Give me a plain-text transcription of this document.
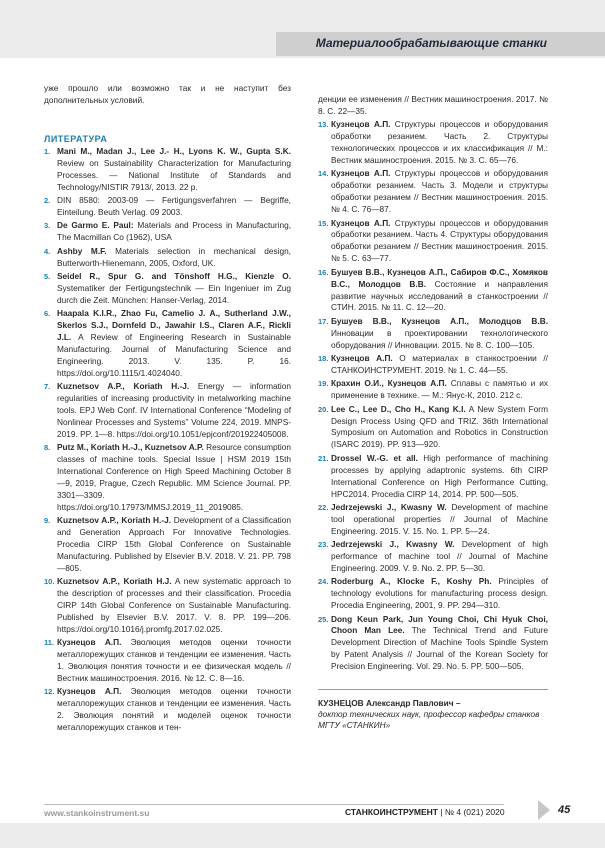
Материалообрабатывающие станки
уже прошло или возможно так и не наступит без дополнительных условий.
ЛИТЕРАТУРА
1. Mani M., Madan J., Lee J.- H., Lyons K. W., Gupta S.K. Review on Sustainability Characterization for Manufacturing Processes. — National Institute of Standards and Technology/NISTIR 7913/, 2013. 22 p.
2. DIN 8580: 2003-09 — Fertigungsverfahren — Begriffe, Einteilung. Beuth Verlag. 09 2003.
3. De Garmo E. Paul: Materials and Process in Manufacturing, The Macmillan Co (1962), USA
4. Ashby M.F. Materials selection in mechanical design, Butterworth-Hienemann, 2005, Oxford, UK.
5. Seidel R., Spur G. and Tönshoff H.G., Kienzle O. Systematiker der Fertigungstechnik — Ein Ingeniuer im Zug durch die Zeit. München: Hanser-Verlag, 2014.
6. Haapala K.I.R., Zhao Fu, Camelio J. A., Sutherland J.W., Skerlos S.J., Dornfeld D., Jawahir I.S., Claren A.F., Rickli J.L. A Review of Engineering Research in Sustainable Manufacturing. Journal of Manufacturing Science and Engineering. 2013. V. 135. P. 16. https://doi.org/10.1115/1.4024040.
7. Kuznetsov A.P., Koriath H.-J. Energy — information regularities of increasing productivity in metalworking machine tools. EPJ Web Conf. IV International Conference “Modeling of Nonlinear Processes and Systems” Volume 224, 2019. MNPS-2019. PP. 1—8. https://doi.org/10.1051/epjconf/201922405008.
8. Putz M., Koriath H.-J., Kuznetsov A.P. Resource consumption classes of machine tools. Special Issue | HSM 2019 15th International Conference on High Speed Machining October 8—9, 2019, Prague, Czech Republic. MM Science Journal. PP. 3301—3309. https://doi.org/10.17973/MMSJ.2019_11_2019085.
9. Kuznetsov A.P., Koriath H.-J. Development of a Classification and Generation Approach For Innovative Technologies. Procedia CIRP 15th Global Conference on Sustainable Manufacturing. Published by Elsevier B.V. 2018. V. 21. PP. 798—805.
10. Kuznetsov A.P., Koriath H.J. A new systematic approach to the description of processes and their classification. Procedia CIRP 14th Global Conference on Sustainable Manufacturing. Published by Elsevier B.V. 2017. V. 8. PP. 199—206. https://doi.org/10.1016/j.promfg.2017.02.025.
11. Кузнецов А.П. Эволюция методов оценки точности металлорежущих станков и тенденции ее изменения. Часть 1. Эволюция понятия точности и ее физическая модель // Вестник машиностроения. 2016. № 12. С. 8—16.
12. Кузнецов А.П. Эволюция методов оценки точности металлорежущих станков и тенденции ее изменения. Часть 2. Эволюция понятий и моделей оценок точности металлорежущих станков и тен-
денции ее изменения // Вестник машиностроения. 2017. № 8. С. 22—35.
13. Кузнецов А.П. Структуры процессов и оборудования обработки резанием. Часть 2. Структуры технологических процессов и их классификация // М.: Вестник машиностроения. 2015. № 3. С. 65—76.
14. Кузнецов А.П. Структуры процессов и оборудования обработки резанием. Часть 3. Модели и структуры обработки резанием // Вестник машиностроения. 2015. № 4. С. 76—87.
15. Кузнецов А.П. Структуры процессов и оборудования обработки резанием. Часть 4. Структуры оборудования обработки резанием // Вестник машиностроения. 2015. № 5. С. 63—77.
16. Бушуев В.В., Кузнецов А.П., Сабиров Ф.С., Хомяков В.С., Молодцов В.В. Состояние и направления развитие научных исследований в станкостроении // СТИН. 2015. № 11. С. 12—20.
17. Бушуев В.В., Кузнецов А.П., Молодцов В.В. Инновации в проектировании технологического оборудования // Инновации. 2015. № 8. С. 100—105.
18. Кузнецов А.П. О материалах в станкостроении // СТАНКОИНСТРУМЕНТ. 2019. № 1. С. 44—55.
19. Крахин О.И., Кузнецов А.П. Сплавы с памятью и их применение в технике. — М.: Янус-К, 2010. 212 с.
20. Lee C., Lee D., Cho H., Kang K.I. A New System Form Design Process Using QFD and TRIZ. 36th International Symposium on Automation and Robotics in Construction (ISARC 2019). PP. 913—920.
21. Drossel W.-G. et all. High performance of machining processes by applying adaptronic systems. 6th CIRP International Conference on High Performance Cutting, HPC2014. Procedia CIRP 14, 2014. PP. 500—505.
22. Jedrzejewski J., Kwasny W. Development of machine tool operational properties // Journal of Machine Engineering. 2015. V. 15. No. 1. PP. 5—24.
23. Jedrzejewski J., Kwasny W. Development of high performance of machine tool // Journal of Machine Engineering. 2009. V. 9. No. 2. PP. 5—30.
24. Roderburg A., Klocke F., Koshy Ph. Principles of technology evolutions for manufacturing process design. Procedia Engineering, 2001, 9. PP. 294—310.
25. Dong Keun Park, Jun Young Choi, Chi Hyuk Choi, Choon Man Lee. The Technical Trend and Future Development Direction of Machine Tools Spindle System by Patent Analysis // Journal of the Korean Society for Precision Engineering. Vol. 29. No. 5. PP. 500—505.
КУЗНЕЦОВ Александр Павлович –
доктор технических наук, профессор кафедры станков МГТУ «СТАНКИН»
www.stankoinstrument.su	СТАНКОИНСТРУМЕНТ | № 4 (021) 2020	45
